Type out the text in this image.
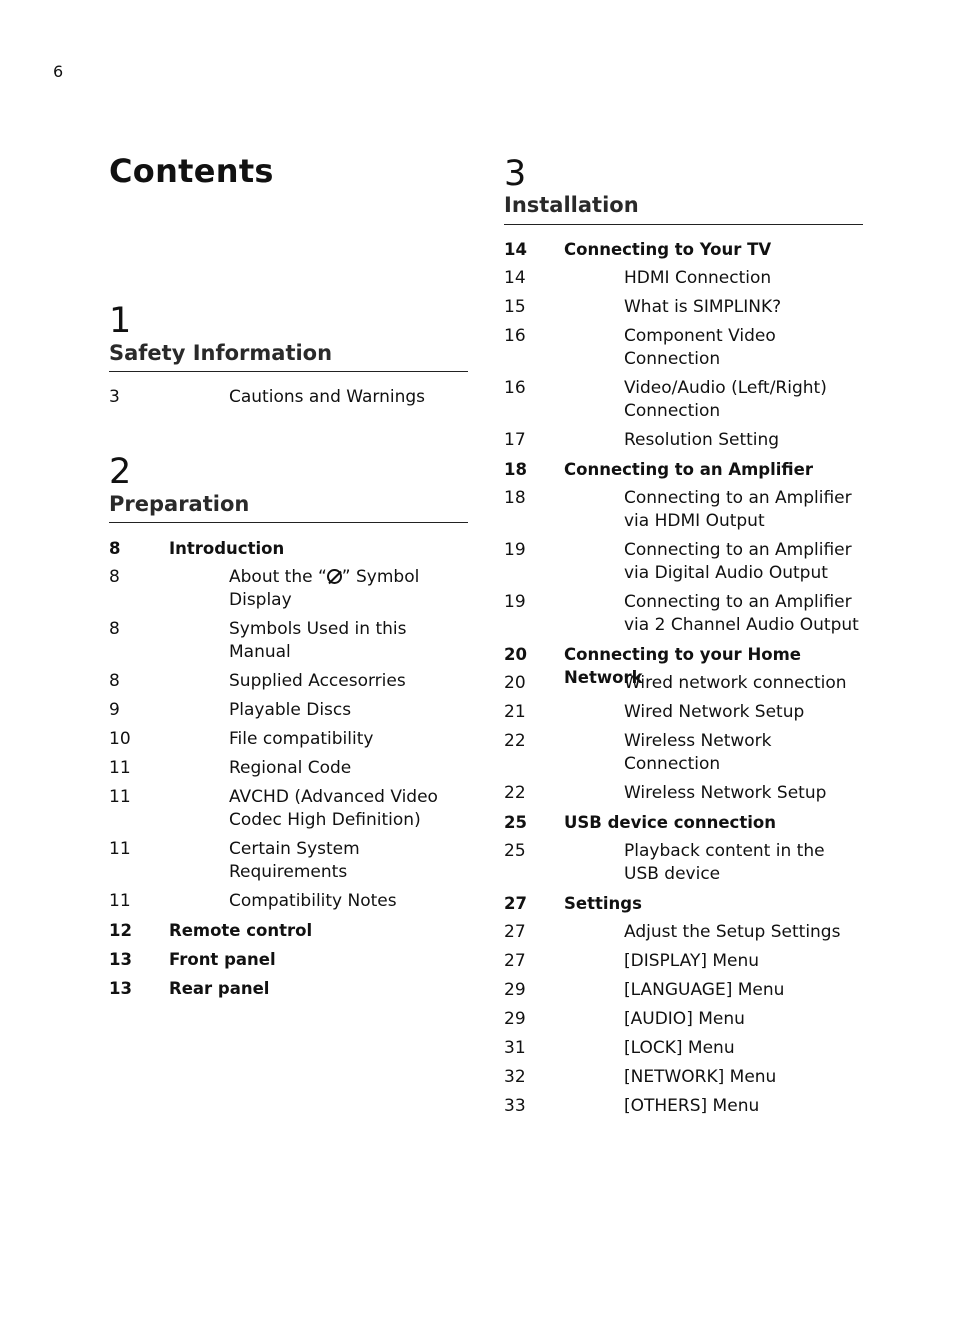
6
Contents
1
Safety Information
3	Cautions and Warnings
2
Preparation
8	Introduction
8	About the “ ” Symbol Display
8	Symbols Used in this Manual
8	Supplied Accesorries
9	Playable Discs
10	File compatibility
11	Regional Code
11	AVCHD (Advanced Video Codec High Definition)
11	Certain System Requirements
11	Compatibility Notes
12 Remote control
13 Front panel
13 Rear panel
3
Installation
14 Connecting to Your TV
14	HDMI Connection
15	What is SIMPLINK?
16	Component Video Connection
16	Video/Audio (Left/Right) Connection
17	Resolution Setting
18 Connecting to an Amplifier
18	Connecting to an Amplifier via HDMI Output
19	Connecting to an Amplifier via Digital Audio Output
19	Connecting to an Amplifier via 2 Channel Audio Output
20 Connecting to your Home Network
20	Wired network connection
21	Wired Network Setup
22	Wireless Network Connection
22	Wireless Network Setup
25 USB device connection
25	Playback content in the USB device
27 Settings
27	Adjust the Setup Settings
27	[DISPLAY] Menu
29	[LANGUAGE] Menu
29	[AUDIO] Menu
31	[LOCK] Menu
32	[NETWORK] Menu
33	[OTHERS] Menu
